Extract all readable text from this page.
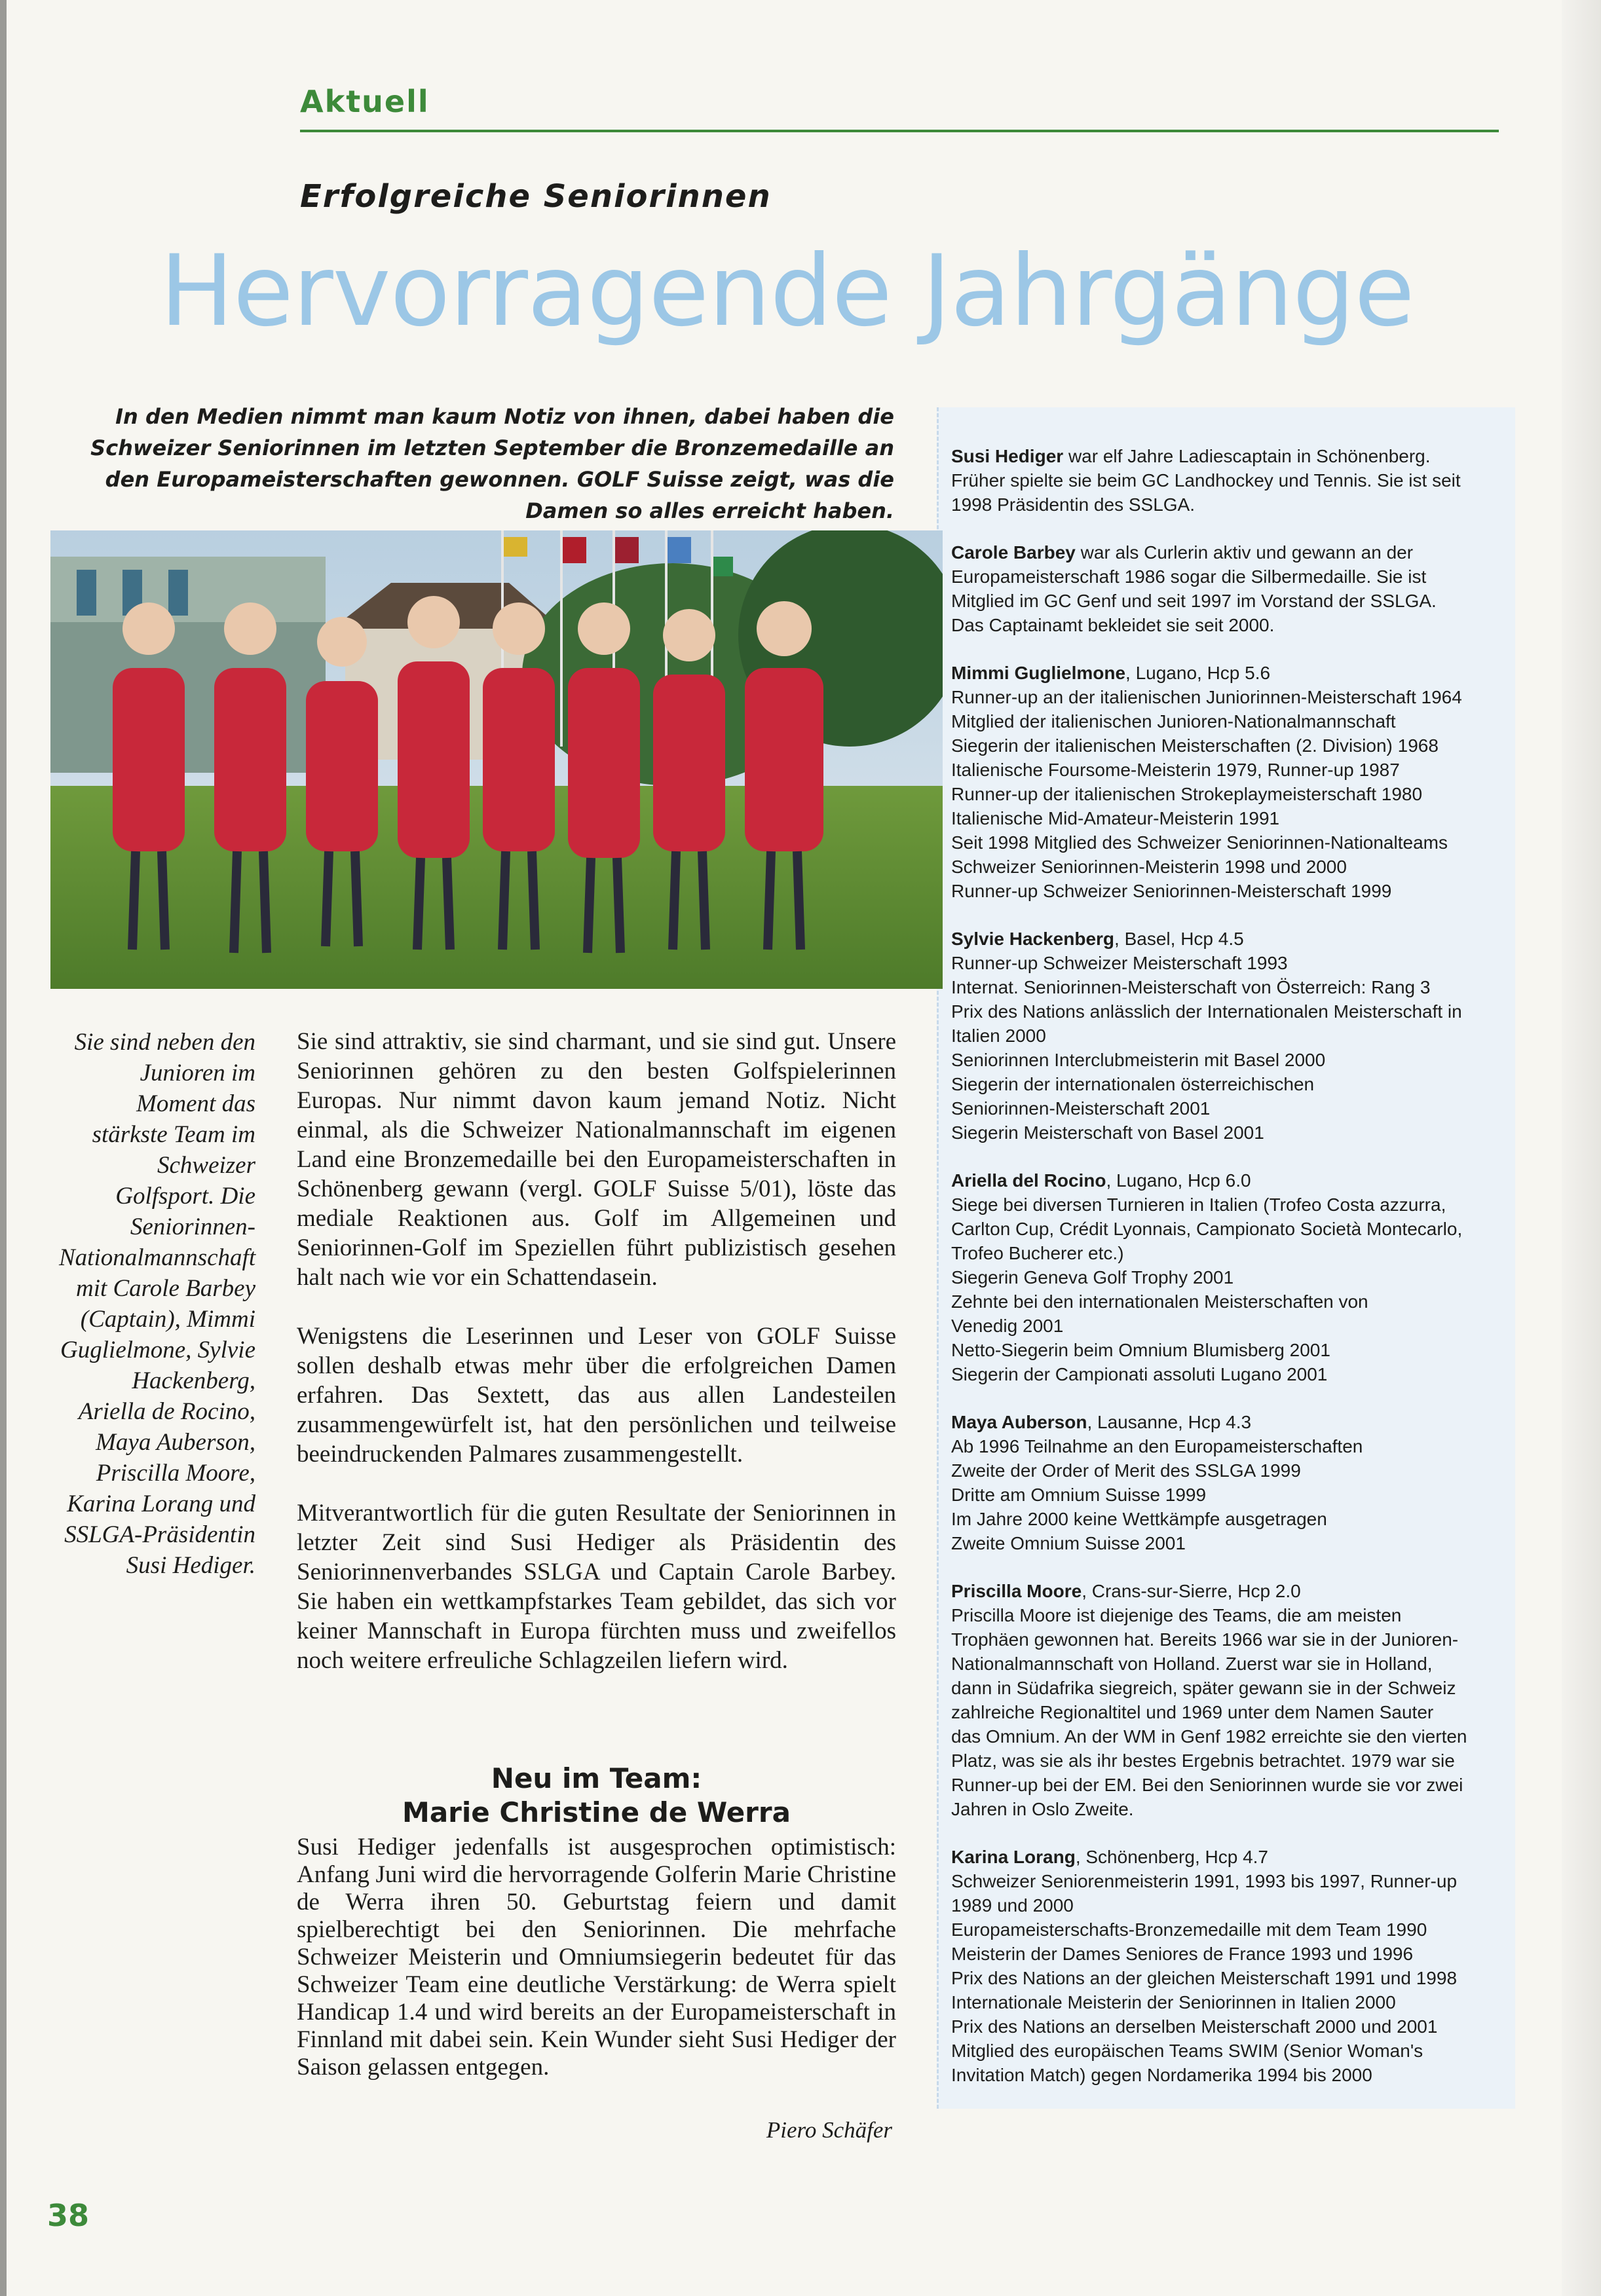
Aktuell
Erfolgreiche Seniorinnen
Hervorragende Jahrgänge
In den Medien nimmt man kaum Notiz von ihnen, dabei haben die Schweizer Seniorinnen im letzten September die Bronzemedaille an den Europameisterschaften gewonnen. GOLF Suisse zeigt, was die Damen so alles erreicht haben.
Sie sind neben den Junioren im Moment das stärkste Team im Schweizer Golfsport. Die Seniorinnen-Nationalmannschaft mit Carole Barbey (Captain), Mimmi Guglielmone, Sylvie Hackenberg, Ariella de Rocino, Maya Auberson, Priscilla Moore, Karina Lorang und SSLGA-Präsidentin Susi Hediger.

Sie sind attraktiv, sie sind charmant, und sie sind gut. Unsere Seniorinnen gehören zu den besten Golfspielerinnen Europas. Nur nimmt davon kaum jemand Notiz. Nicht einmal, als die Schweizer Nationalmannschaft im eigenen Land eine Bronzemedaille bei den Europameisterschaften in Schönenberg gewann (vergl. GOLF Suisse 5/01), löste das mediale Reaktionen aus. Golf im Allgemeinen und Seniorinnen-Golf im Speziellen führt publizistisch gesehen halt nach wie vor ein Schattendasein.

Wenigstens die Leserinnen und Leser von GOLF Suisse sollen deshalb etwas mehr über die erfolgreichen Damen erfahren. Das Sextett, das aus allen Landesteilen zusammengewürfelt ist, hat den persönlichen und teilweise beeindruckenden Palmares zusammengestellt.

Mitverantwortlich für die guten Resultate der Seniorinnen in letzter Zeit sind Susi Hediger als Präsidentin des Seniorinnenverbandes SSLGA und Captain Carole Barbey. Sie haben ein wettkampfstarkes Team gebildet, das sich vor keiner Mannschaft in Europa fürchten muss und zweifellos noch weitere erfreuliche Schlagzeilen liefern wird.

Neu im Team:
Marie Christine de Werra
Susi Hediger jedenfalls ist ausgesprochen optimistisch: Anfang Juni wird die hervorragende Golferin Marie Christine de Werra ihren 50. Geburtstag feiern und damit spielberechtigt bei den Seniorinnen. Die mehrfache Schweizer Meisterin und Omniumsiegerin bedeutet für das Schweizer Team eine deutliche Verstärkung: de Werra spielt Handicap 1.4 und wird bereits an der Europameisterschaft in Finnland mit dabei sein. Kein Wunder sieht Susi Hediger der Saison gelassen entgegen.
Piero Schäfer
38
Susi Hediger war elf Jahre Ladiescaptain in Schönenberg.
Früher spielte sie beim GC Landhockey und Tennis. Sie ist seit
1998 Präsidentin des SSLGA.
Carole Barbey war als Curlerin aktiv und gewann an der
Europameisterschaft 1986 sogar die Silbermedaille. Sie ist
Mitglied im GC Genf und seit 1997 im Vorstand der SSLGA.
Das Captainamt bekleidet sie seit 2000.
Mimmi Guglielmone, Lugano, Hcp 5.6
Runner-up an der italienischen Juniorinnen-Meisterschaft 1964
Mitglied der italienischen Junioren-Nationalmannschaft
Siegerin der italienischen Meisterschaften (2. Division) 1968
Italienische Foursome-Meisterin 1979, Runner-up 1987
Runner-up der italienischen Strokeplaymeisterschaft 1980
Italienische Mid-Amateur-Meisterin 1991
Seit 1998 Mitglied des Schweizer Seniorinnen-Nationalteams
Schweizer Seniorinnen-Meisterin 1998 und 2000
Runner-up Schweizer Seniorinnen-Meisterschaft 1999
Sylvie Hackenberg, Basel, Hcp 4.5
Runner-up Schweizer Meisterschaft 1993
Internat. Seniorinnen-Meisterschaft von Österreich: Rang 3
Prix des Nations anlässlich der Internationalen Meisterschaft in
Italien 2000
Seniorinnen Interclubmeisterin mit Basel 2000
Siegerin der internationalen österreichischen
Seniorinnen-Meisterschaft 2001
Siegerin Meisterschaft von Basel 2001
Ariella del Rocino, Lugano, Hcp 6.0
Siege bei diversen Turnieren in Italien (Trofeo Costa azzurra,
Carlton Cup, Crédit Lyonnais, Campionato Società Montecarlo,
Trofeo Bucherer etc.)
Siegerin Geneva Golf Trophy 2001
Zehnte bei den internationalen Meisterschaften von
Venedig 2001
Netto-Siegerin beim Omnium Blumisberg 2001
Siegerin der Campionati assoluti Lugano 2001
Maya Auberson, Lausanne, Hcp 4.3
Ab 1996 Teilnahme an den Europameisterschaften
Zweite der Order of Merit des SSLGA 1999
Dritte am Omnium Suisse 1999
Im Jahre 2000 keine Wettkämpfe ausgetragen
Zweite Omnium Suisse 2001
Priscilla Moore, Crans-sur-Sierre, Hcp 2.0
Priscilla Moore ist diejenige des Teams, die am meisten
Trophäen gewonnen hat. Bereits 1966 war sie in der Junioren-
Nationalmannschaft von Holland. Zuerst war sie in Holland,
dann in Südafrika siegreich, später gewann sie in der Schweiz
zahlreiche Regionaltitel und 1969 unter dem Namen Sauter
das Omnium. An der WM in Genf 1982 erreichte sie den vierten
Platz, was sie als ihr bestes Ergebnis betrachtet. 1979 war sie
Runner-up bei der EM. Bei den Seniorinnen wurde sie vor zwei
Jahren in Oslo Zweite.
Karina Lorang, Schönenberg, Hcp 4.7
Schweizer Seniorenmeisterin 1991, 1993 bis 1997, Runner-up
1989 und 2000
Europameisterschafts-Bronzemedaille mit dem Team 1990
Meisterin der Dames Seniores de France 1993 und 1996
Prix des Nations an der gleichen Meisterschaft 1991 und 1998
Internationale Meisterin der Seniorinnen in Italien 2000
Prix des Nations an derselben Meisterschaft 2000 und 2001
Mitglied des europäischen Teams SWIM (Senior Woman's
Invitation Match) gegen Nordamerika 1994 bis 2000
